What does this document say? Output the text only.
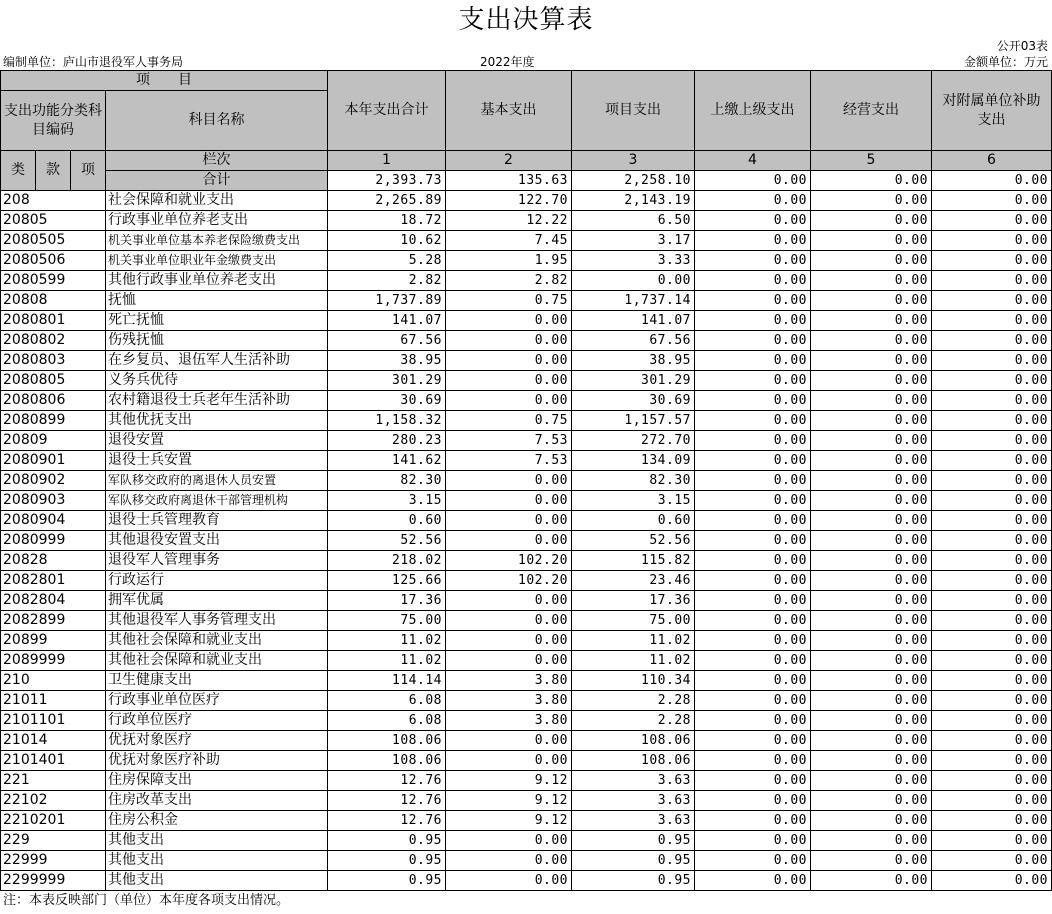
支出决算表
公开03表
编制单位：庐山市退役军人事务局	2022年度	金额单位：万元
项　　目				本年支出合计	基本支出	项目支出	上缴上级支出	经营支出	对附属单位补助支出
支出功能分类科目编码			科目名称						

类	款	项	栏次	1	2	3	4	5	6
			合计	2,393.73	135.63	2,258.10	0.00	0.00	0.00
208			社会保障和就业支出	2,265.89	122.70	2,143.19	0.00	0.00	0.00
20805			行政事业单位养老支出	18.72	12.22	6.50	0.00	0.00	0.00
2080505			机关事业单位基本养老保险缴费支出	10.62	7.45	3.17	0.00	0.00	0.00
2080506			机关事业单位职业年金缴费支出	5.28	1.95	3.33	0.00	0.00	0.00
2080599			其他行政事业单位养老支出	2.82	2.82	0.00	0.00	0.00	0.00
20808			抚恤	1,737.89	0.75	1,737.14	0.00	0.00	0.00
2080801			死亡抚恤	141.07	0.00	141.07	0.00	0.00	0.00
2080802			伤残抚恤	67.56	0.00	67.56	0.00	0.00	0.00
2080803			在乡复员、退伍军人生活补助	38.95	0.00	38.95	0.00	0.00	0.00
2080805			义务兵优待	301.29	0.00	301.29	0.00	0.00	0.00
2080806			农村籍退役士兵老年生活补助	30.69	0.00	30.69	0.00	0.00	0.00
2080899			其他优抚支出	1,158.32	0.75	1,157.57	0.00	0.00	0.00
20809			退役安置	280.23	7.53	272.70	0.00	0.00	0.00
2080901			退役士兵安置	141.62	7.53	134.09	0.00	0.00	0.00
2080902			军队移交政府的离退休人员安置	82.30	0.00	82.30	0.00	0.00	0.00
2080903			军队移交政府离退休干部管理机构	3.15	0.00	3.15	0.00	0.00	0.00
2080904			退役士兵管理教育	0.60	0.00	0.60	0.00	0.00	0.00
2080999			其他退役安置支出	52.56	0.00	52.56	0.00	0.00	0.00
20828			退役军人管理事务	218.02	102.20	115.82	0.00	0.00	0.00
2082801			行政运行	125.66	102.20	23.46	0.00	0.00	0.00
2082804			拥军优属	17.36	0.00	17.36	0.00	0.00	0.00
2082899			其他退役军人事务管理支出	75.00	0.00	75.00	0.00	0.00	0.00
20899			其他社会保障和就业支出	11.02	0.00	11.02	0.00	0.00	0.00
2089999			其他社会保障和就业支出	11.02	0.00	11.02	0.00	0.00	0.00
210			卫生健康支出	114.14	3.80	110.34	0.00	0.00	0.00
21011			行政事业单位医疗	6.08	3.80	2.28	0.00	0.00	0.00
2101101			行政单位医疗	6.08	3.80	2.28	0.00	0.00	0.00
21014			优抚对象医疗	108.06	0.00	108.06	0.00	0.00	0.00
2101401			优抚对象医疗补助	108.06	0.00	108.06	0.00	0.00	0.00
221			住房保障支出	12.76	9.12	3.63	0.00	0.00	0.00
22102			住房改革支出	12.76	9.12	3.63	0.00	0.00	0.00
2210201			住房公积金	12.76	9.12	3.63	0.00	0.00	0.00
229			其他支出	0.95	0.00	0.95	0.00	0.00	0.00
22999			其他支出	0.95	0.00	0.95	0.00	0.00	0.00
2299999			其他支出	0.95	0.00	0.95	0.00	0.00	0.00
注：本表反映部门（单位）本年度各项支出情况。
